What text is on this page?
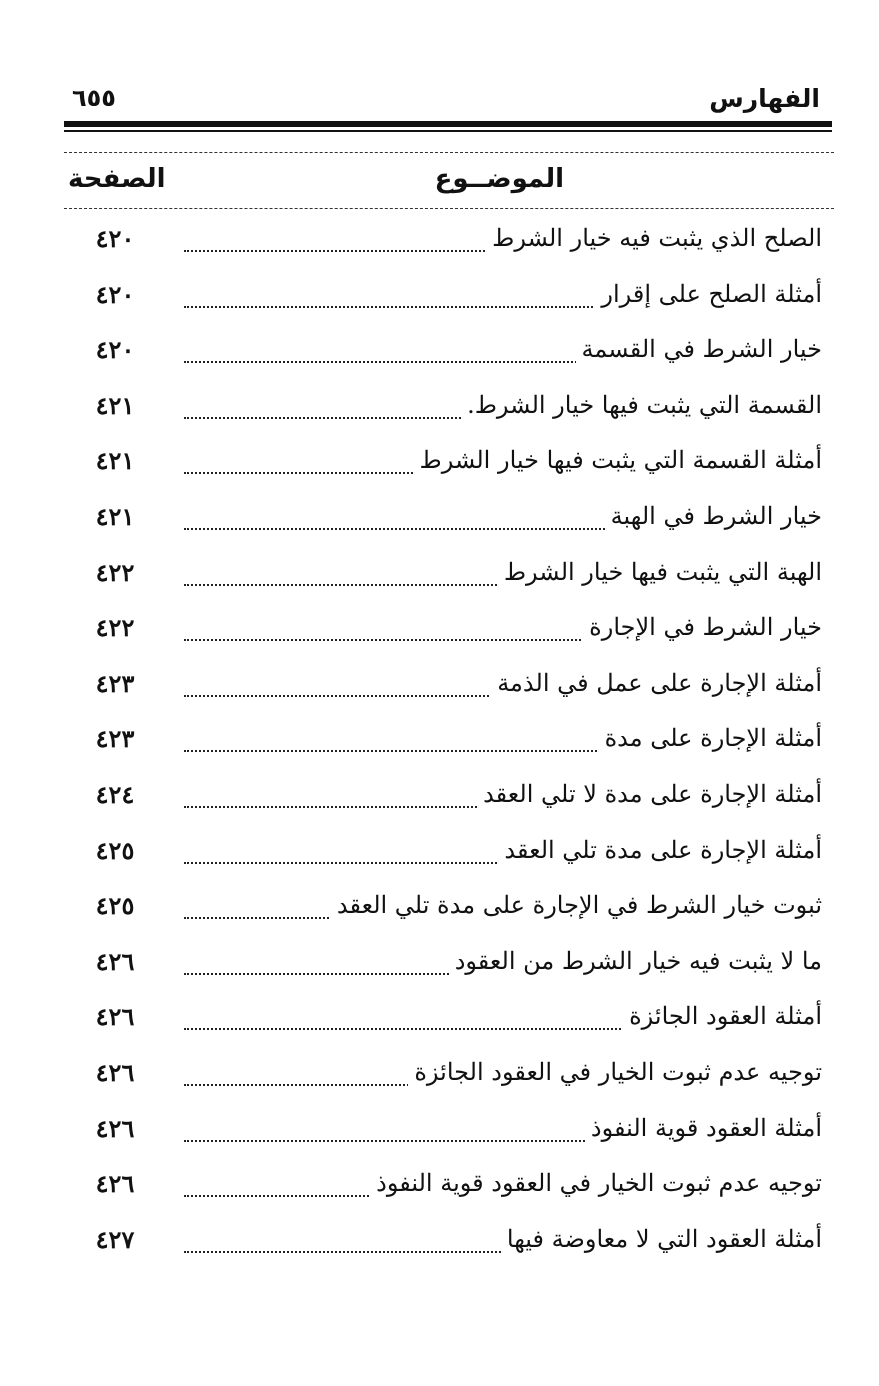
الفهارس
٦٥٥
الموضــوع
الصفحة
الصلح الذي يثبت فيه خيار الشرط
٤٢٠
أمثلة الصلح على إقرار
٤٢٠
خيار الشرط في القسمة
٤٢٠
القسمة التي يثبت فيها خيار الشرط.
٤٢١
أمثلة القسمة التي يثبت فيها خيار الشرط
٤٢١
خيار الشرط في الهبة
٤٢١
الهبة التي يثبت فيها خيار الشرط
٤٢٢
خيار الشرط في الإجارة
٤٢٢
أمثلة الإجارة على عمل في الذمة
٤٢٣
أمثلة الإجارة على مدة
٤٢٣
أمثلة الإجارة على مدة لا تلي العقد
٤٢٤
أمثلة الإجارة على مدة تلي العقد
٤٢٥
ثبوت خيار الشرط في الإجارة على مدة تلي العقد
٤٢٥
ما لا يثبت فيه خيار الشرط من العقود
٤٢٦
أمثلة العقود الجائزة
٤٢٦
توجيه عدم ثبوت الخيار في العقود الجائزة
٤٢٦
أمثلة العقود قوية النفوذ
٤٢٦
توجيه عدم ثبوت الخيار في العقود قوية النفوذ
٤٢٦
أمثلة العقود التي لا معاوضة فيها
٤٢٧
